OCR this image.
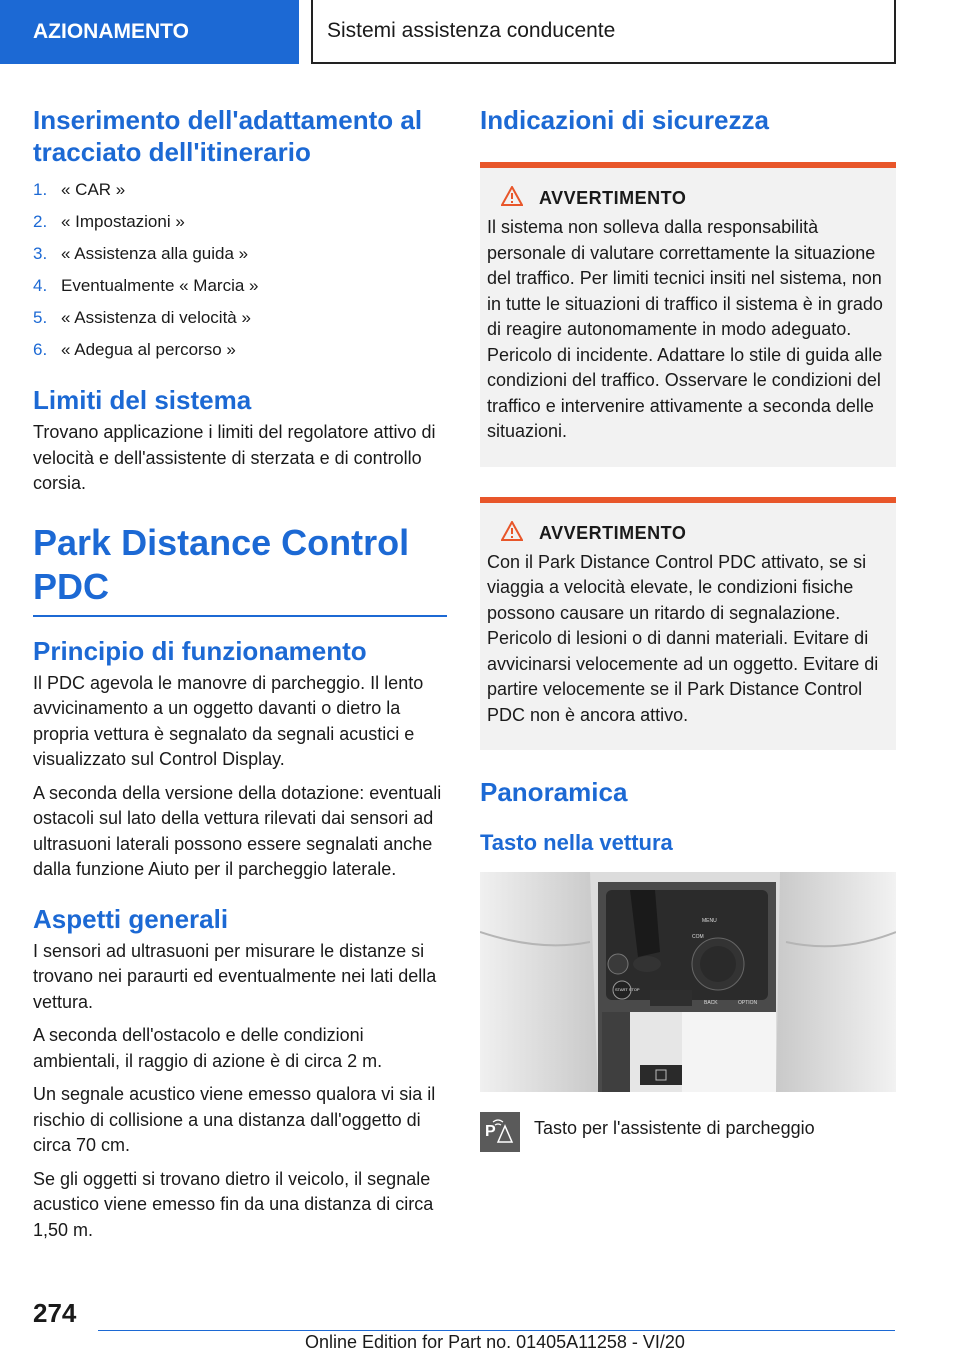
AZIONAMENTO	Sistemi assistenza conducente
Inserimento dell'adattamento al tracciato dell'itinerario
1. « CAR »
2. « Impostazioni »
3. « Assistenza alla guida »
4. Eventualmente « Marcia »
5. « Assistenza di velocità »
6. « Adegua al percorso »
Limiti del sistema

Trovano applicazione i limiti del regolatore attivo di velocità e dell'assistente di sterzata e di controllo corsia.

Park Distance Control PDC
Principio di funzionamento

Il PDC agevola le manovre di parcheggio. Il lento avvicinamento a un oggetto davanti o dietro la propria vettura è segnalato da segnali acustici e visualizzato sul Control Display.

A seconda della versione della dotazione: eventuali ostacoli sul lato della vettura rilevati dai sensori ad ultrasuoni laterali possono essere segnalati anche dalla funzione Aiuto per il parcheggio laterale.

Aspetti generali

I sensori ad ultrasuoni per misurare le distanze si trovano nei paraurti ed eventualmente nei lati della vettura.

A seconda dell'ostacolo e delle condizioni ambientali, il raggio di azione è di circa 2 m.

Un segnale acustico viene emesso qualora vi sia il rischio di collisione a una distanza dall'oggetto di circa 70 cm.

Se gli oggetti si trovano dietro il veicolo, il segnale acustico viene emesso fin da una distanza di circa 1,50 m.

Indicazioni di sicurezza
AVVERTIMENTO

Il sistema non solleva dalla responsabilità personale di valutare correttamente la situazione del traffico. Per limiti tecnici insiti nel sistema, non in tutte le situazioni di traffico il sistema è in grado di reagire autonomamente in modo adeguato. Pericolo di incidente. Adattare lo stile di guida alle condizioni del traffico. Osservare le condizioni del traffico e intervenire attivamente a seconda delle situazioni.

AVVERTIMENTO

Con il Park Distance Control PDC attivato, se si viaggia a velocità elevate, le condizioni fisiche possono causare un ritardo di segnalazione. Pericolo di lesioni o di danni materiali. Evitare di avvicinarsi velocemente ad un oggetto. Evitare di partire velocemente se il Park Distance Control PDC non è ancora attivo.

Panoramica
Tasto nella vettura
MENU
COM
BACK	OPTION
START STOP
P Tasto per l'assistente di parcheggio

274
Online Edition for Part no. 01405A11258 - VI/20
